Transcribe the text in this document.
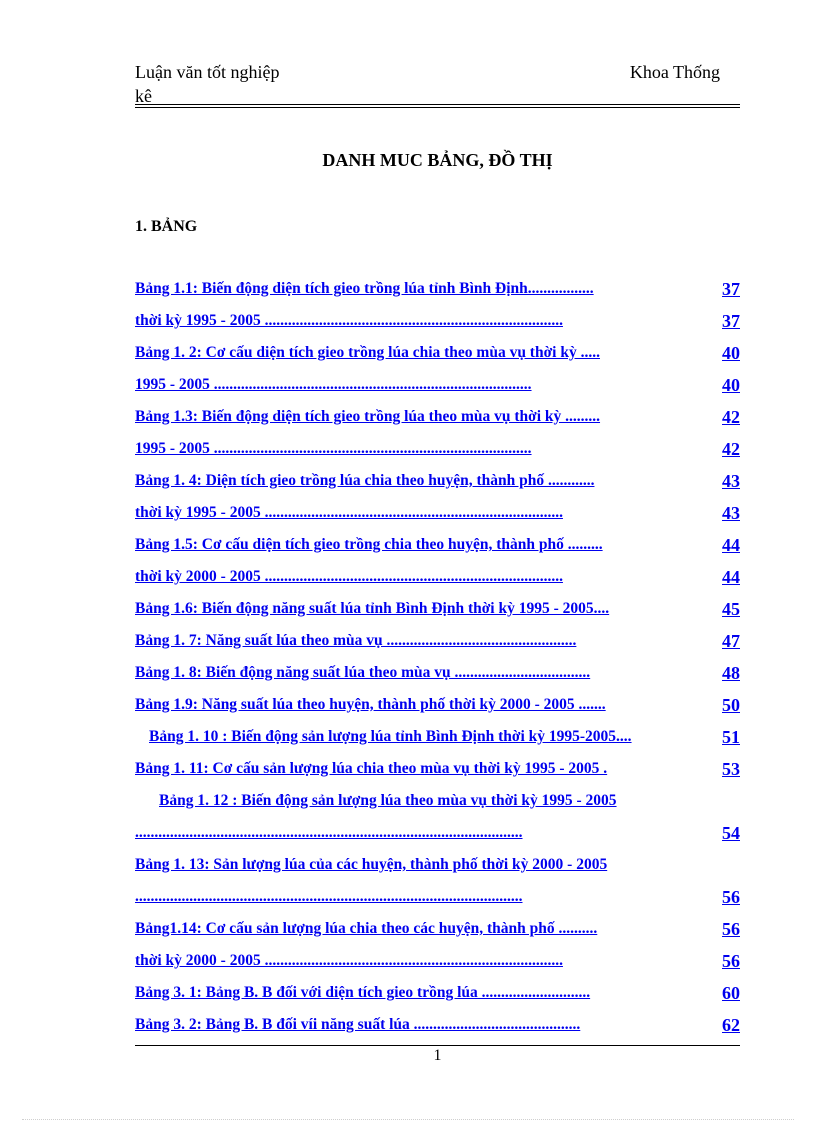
Luận văn tốt nghiệp
kê
Khoa Thống
DANH MUC BẢNG, ĐỒ THỊ
1. BẢNG
Bảng 1.1: Biến động diện tích gieo trồng lúa tỉnh Bình Định.................	37
thời kỳ 1995 - 2005 .............................................................................	37
Bảng 1. 2: Cơ cấu diện tích gieo trồng lúa chia theo mùa vụ thời kỳ .....	40
1995 - 2005 ..................................................................................	40
Bảng 1.3: Biến động diện tích gieo trồng lúa theo mùa vụ thời kỳ .........	42
1995 - 2005 ..................................................................................	42
Bảng 1. 4: Diện tích gieo trồng lúa chia theo huyện, thành phố ............	43
thời kỳ 1995 - 2005 .............................................................................	43
Bảng 1.5: Cơ cấu diện tích gieo trồng chia theo huyện, thành phố .........	44
thời kỳ 2000 - 2005 .............................................................................	44
Bảng 1.6: Biến động năng suất lúa tỉnh Bình Định thời kỳ 1995 - 2005....	45
Bảng 1. 7: Năng suất lúa theo mùa vụ .................................................	47
Bảng 1. 8: Biến động năng suất lúa theo mùa vụ ...................................	48
Bảng 1.9: Năng suất lúa theo huyện, thành phố thời kỳ 2000 - 2005 .......	50
Bảng 1. 10 : Biến động sản lượng lúa tỉnh Bình Định thời kỳ 1995-2005....	51
Bảng 1. 11: Cơ cấu sản lượng lúa chia theo mùa vụ thời kỳ 1995 - 2005 .	53
Bảng 1. 12 : Biến động sản lượng lúa theo mùa vụ thời kỳ 1995 - 2005
....................................................................................................	54
Bảng 1. 13: Sản lượng lúa của các huyện, thành phố thời kỳ 2000 - 2005
....................................................................................................	56
Bảng1.14: Cơ cấu sản lượng lúa chia theo các huyện, thành phố ..........	56
thời kỳ 2000 - 2005 .............................................................................	56
Bảng 3. 1: Bảng B. B đối với diện tích gieo trồng lúa ............................	60
Bảng 3. 2: Bảng B. B đối víi năng suất lúa ...........................................	62
1
